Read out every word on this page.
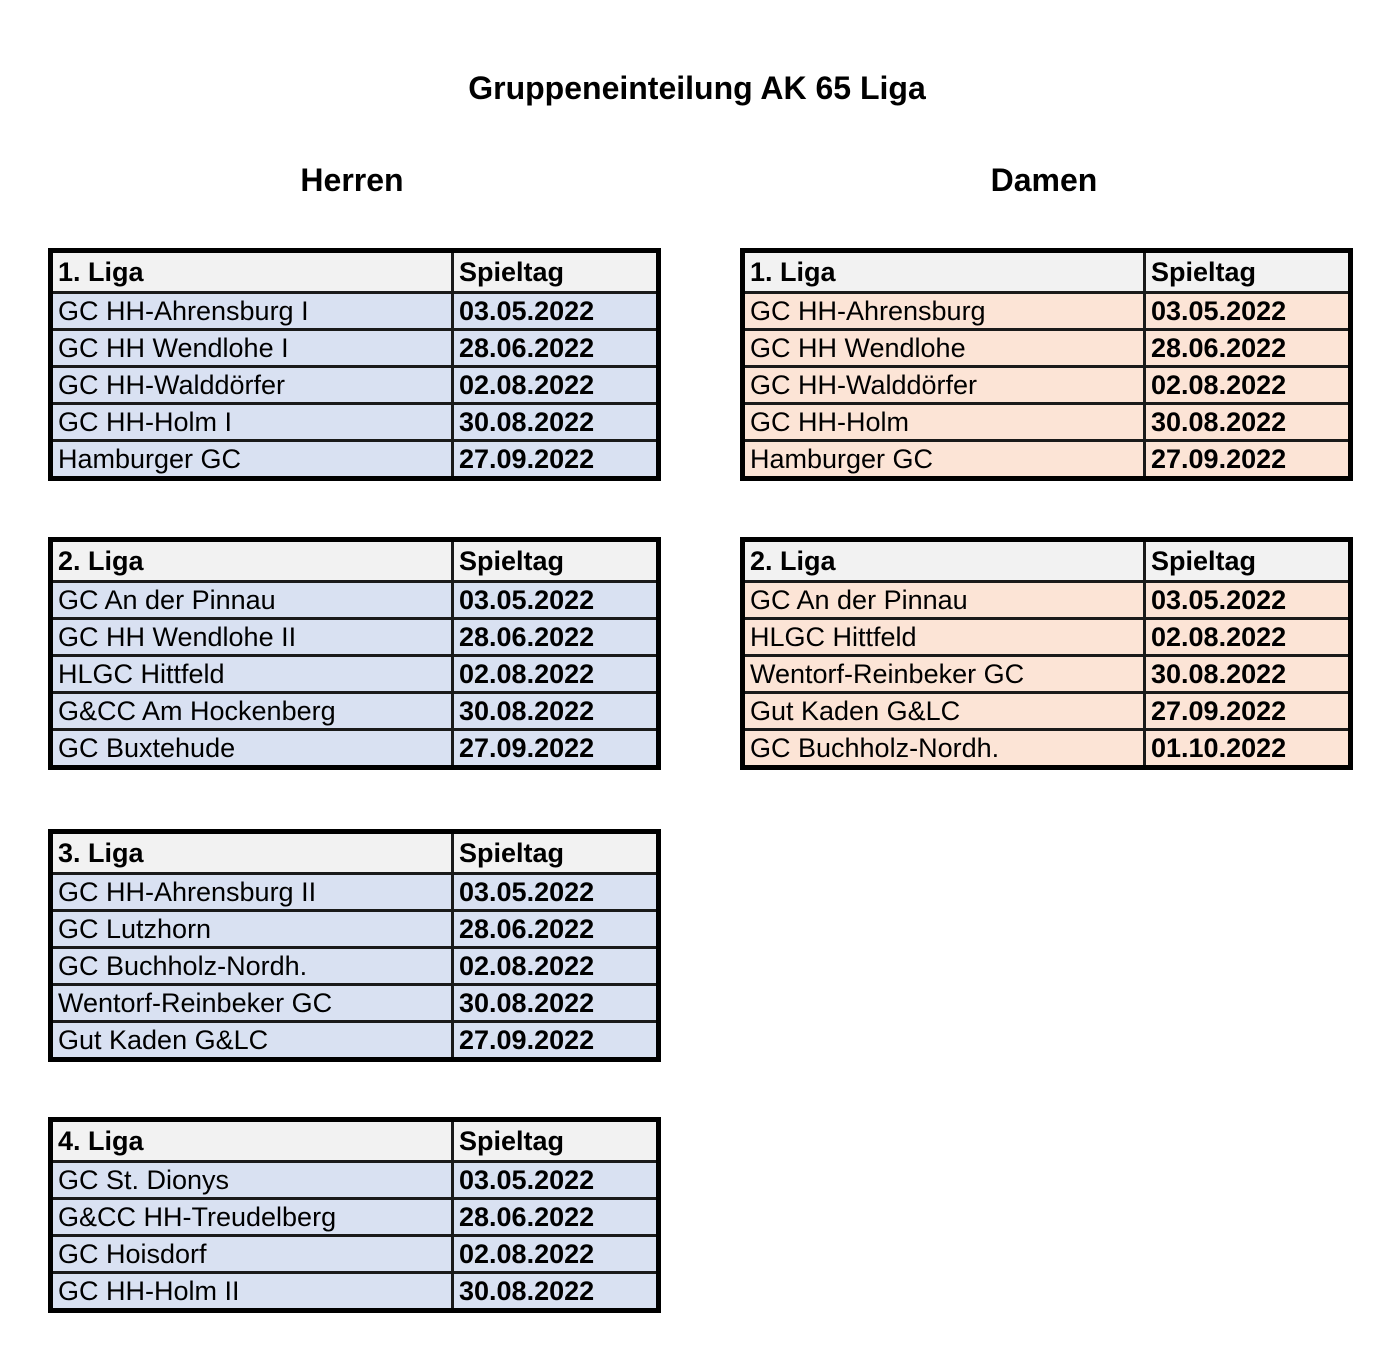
Gruppeneinteilung AK 65 Liga
Herren	Damen
1. Liga	Spieltag
GC HH-Ahrensburg I	03.05.2022
GC HH Wendlohe I	28.06.2022
GC HH-Walddörfer	02.08.2022
GC HH-Holm I	30.08.2022
Hamburger GC	27.09.2022
2. Liga	Spieltag
GC An der Pinnau	03.05.2022
GC HH Wendlohe II	28.06.2022
HLGC Hittfeld	02.08.2022
G&CC Am Hockenberg	30.08.2022
GC Buxtehude	27.09.2022
3. Liga	Spieltag
GC HH-Ahrensburg II	03.05.2022
GC Lutzhorn	28.06.2022
GC Buchholz-Nordh.	02.08.2022
Wentorf-Reinbeker GC	30.08.2022
Gut Kaden G&LC	27.09.2022
4. Liga	Spieltag
GC St. Dionys	03.05.2022
G&CC HH-Treudelberg	28.06.2022
GC Hoisdorf	02.08.2022
GC HH-Holm II	30.08.2022
1. Liga	Spieltag
GC HH-Ahrensburg	03.05.2022
GC HH Wendlohe	28.06.2022
GC HH-Walddörfer	02.08.2022
GC HH-Holm	30.08.2022
Hamburger GC	27.09.2022
2. Liga	Spieltag
GC An der Pinnau	03.05.2022
HLGC Hittfeld	02.08.2022
Wentorf-Reinbeker GC	30.08.2022
Gut Kaden G&LC	27.09.2022
GC Buchholz-Nordh.	01.10.2022
